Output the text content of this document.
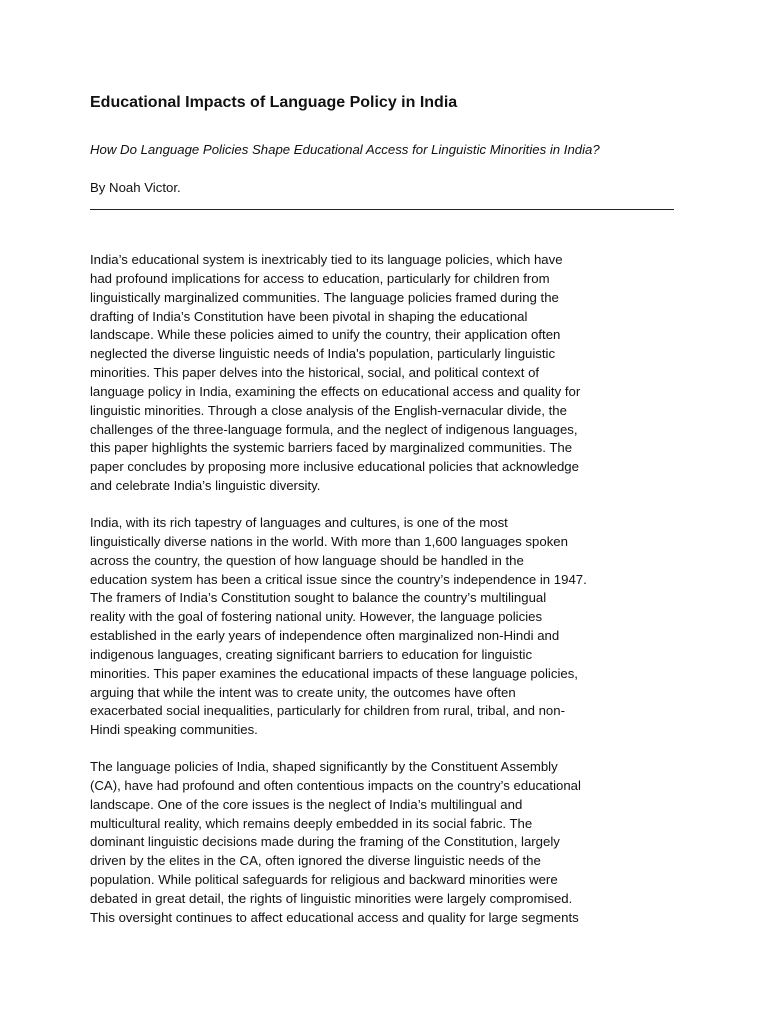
Educational Impacts of Language Policy in India

How Do Language Policies Shape Educational Access for Linguistic Minorities in India?

By Noah Victor.

India’s educational system is inextricably tied to its language policies, which have
had profound implications for access to education, particularly for children from
linguistically marginalized communities. The language policies framed during the
drafting of India’s Constitution have been pivotal in shaping the educational
landscape. While these policies aimed to unify the country, their application often
neglected the diverse linguistic needs of India's population, particularly linguistic
minorities. This paper delves into the historical, social, and political context of
language policy in India, examining the effects on educational access and quality for
linguistic minorities. Through a close analysis of the English-vernacular divide, the
challenges of the three-language formula, and the neglect of indigenous languages,
this paper highlights the systemic barriers faced by marginalized communities. The
paper concludes by proposing more inclusive educational policies that acknowledge
and celebrate India’s linguistic diversity.

India, with its rich tapestry of languages and cultures, is one of the most
linguistically diverse nations in the world. With more than 1,600 languages spoken
across the country, the question of how language should be handled in the
education system has been a critical issue since the country’s independence in 1947.
The framers of India’s Constitution sought to balance the country’s multilingual
reality with the goal of fostering national unity. However, the language policies
established in the early years of independence often marginalized non-Hindi and
indigenous languages, creating significant barriers to education for linguistic
minorities. This paper examines the educational impacts of these language policies,
arguing that while the intent was to create unity, the outcomes have often
exacerbated social inequalities, particularly for children from rural, tribal, and non-
Hindi speaking communities.

The language policies of India, shaped significantly by the Constituent Assembly
(CA), have had profound and often contentious impacts on the country’s educational
landscape. One of the core issues is the neglect of India’s multilingual and
multicultural reality, which remains deeply embedded in its social fabric. The
dominant linguistic decisions made during the framing of the Constitution, largely
driven by the elites in the CA, often ignored the diverse linguistic needs of the
population. While political safeguards for religious and backward minorities were
debated in great detail, the rights of linguistic minorities were largely compromised.
This oversight continues to affect educational access and quality for large segments
